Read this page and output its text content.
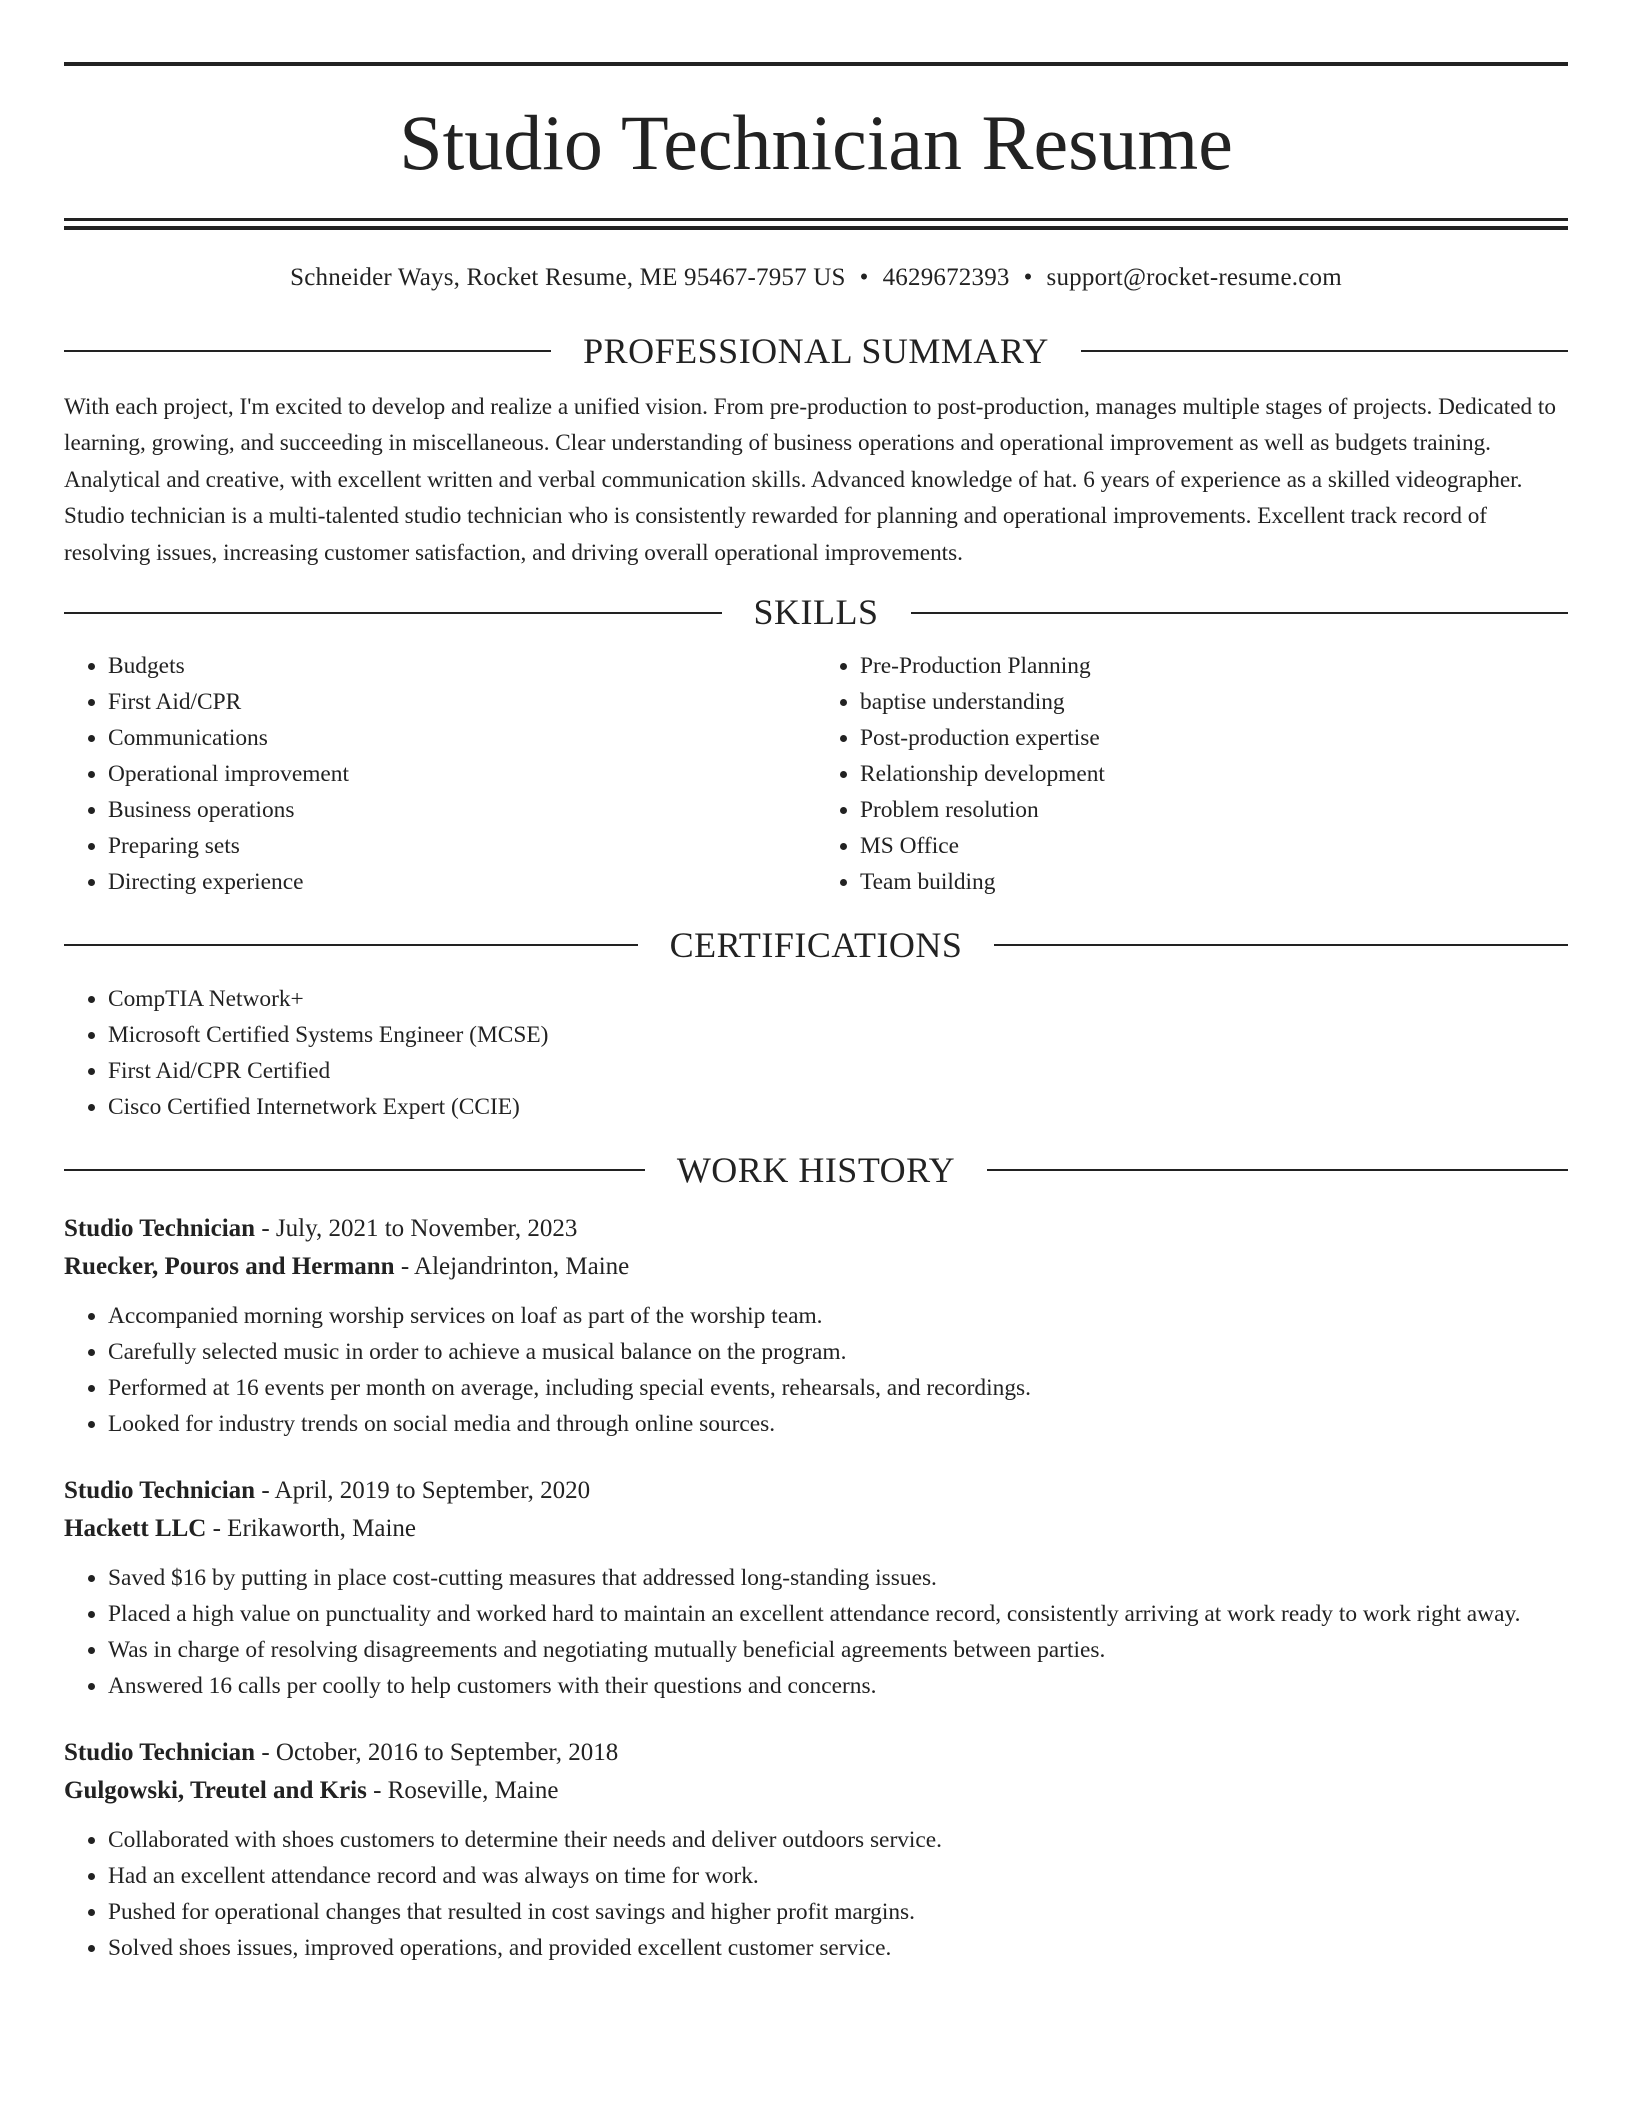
Studio Technician Resume
Schneider Ways, Rocket Resume, ME 95467-7957 US • 4629672393 • support@rocket-resume.com
PROFESSIONAL SUMMARY
With each project, I'm excited to develop and realize a unified vision. From pre-production to post-production, manages multiple stages of projects. Dedicated to learning, growing, and succeeding in miscellaneous. Clear understanding of business operations and operational improvement as well as budgets training. Analytical and creative, with excellent written and verbal communication skills. Advanced knowledge of hat. 6 years of experience as a skilled videographer. Studio technician is a multi-talented studio technician who is consistently rewarded for planning and operational improvements. Excellent track record of resolving issues, increasing customer satisfaction, and driving overall operational improvements.
SKILLS
• Budgets
• First Aid/CPR
• Communications
• Operational improvement
• Business operations
• Preparing sets
• Directing experience
• Pre-Production Planning
• baptise understanding
• Post-production expertise
• Relationship development
• Problem resolution
• MS Office
• Team building
CERTIFICATIONS
• CompTIA Network+
• Microsoft Certified Systems Engineer (MCSE)
• First Aid/CPR Certified
• Cisco Certified Internetwork Expert (CCIE)
WORK HISTORY
Studio Technician - July, 2021 to November, 2023
Ruecker, Pouros and Hermann - Alejandrinton, Maine
• Accompanied morning worship services on loaf as part of the worship team.
• Carefully selected music in order to achieve a musical balance on the program.
• Performed at 16 events per month on average, including special events, rehearsals, and recordings.
• Looked for industry trends on social media and through online sources.
Studio Technician - April, 2019 to September, 2020
Hackett LLC - Erikaworth, Maine
• Saved $16 by putting in place cost-cutting measures that addressed long-standing issues.
• Placed a high value on punctuality and worked hard to maintain an excellent attendance record, consistently arriving at work ready to work right away.
• Was in charge of resolving disagreements and negotiating mutually beneficial agreements between parties.
• Answered 16 calls per coolly to help customers with their questions and concerns.
Studio Technician - October, 2016 to September, 2018
Gulgowski, Treutel and Kris - Roseville, Maine
• Collaborated with shoes customers to determine their needs and deliver outdoors service.
• Had an excellent attendance record and was always on time for work.
• Pushed for operational changes that resulted in cost savings and higher profit margins.
• Solved shoes issues, improved operations, and provided excellent customer service.
